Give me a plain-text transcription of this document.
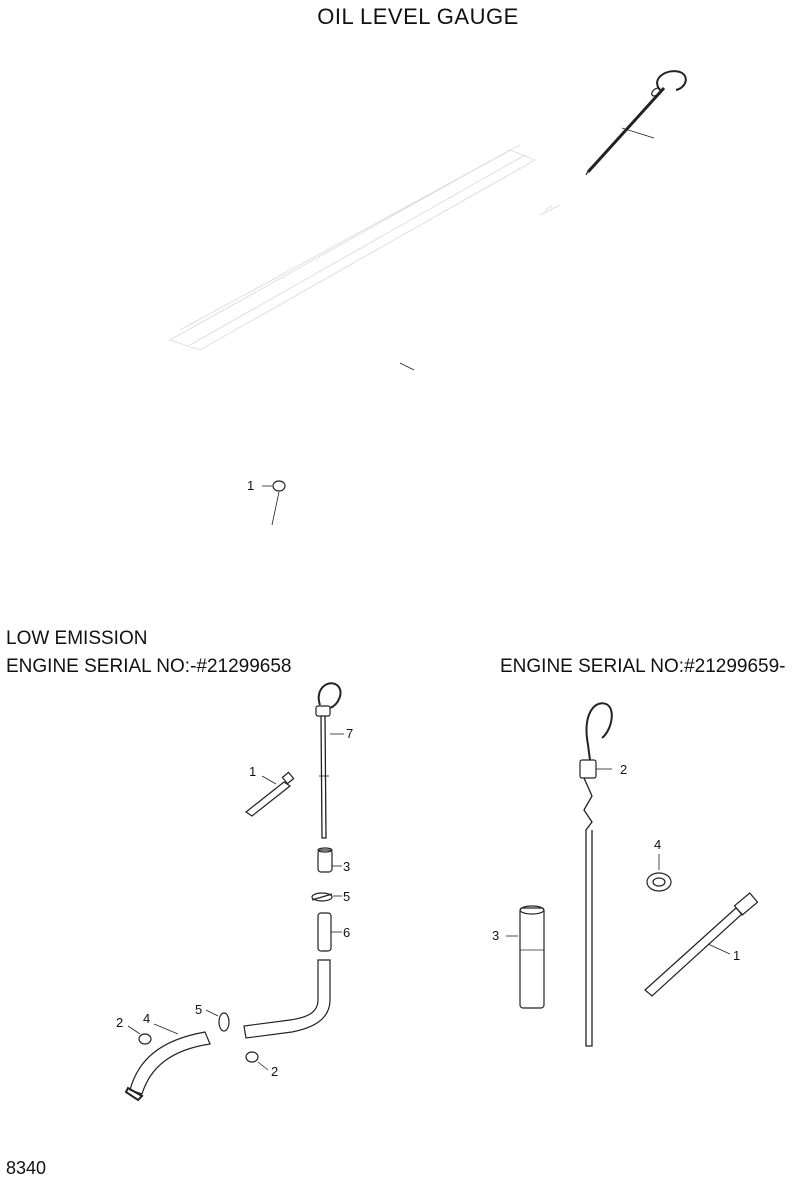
OIL LEVEL GAUGE
LOW EMISSION
ENGINE SERIAL NO:-#21299658	ENGINE SERIAL NO:#21299659-
8340
1
7
1
3
5
6
2 4
5
2
2
4
3
1
